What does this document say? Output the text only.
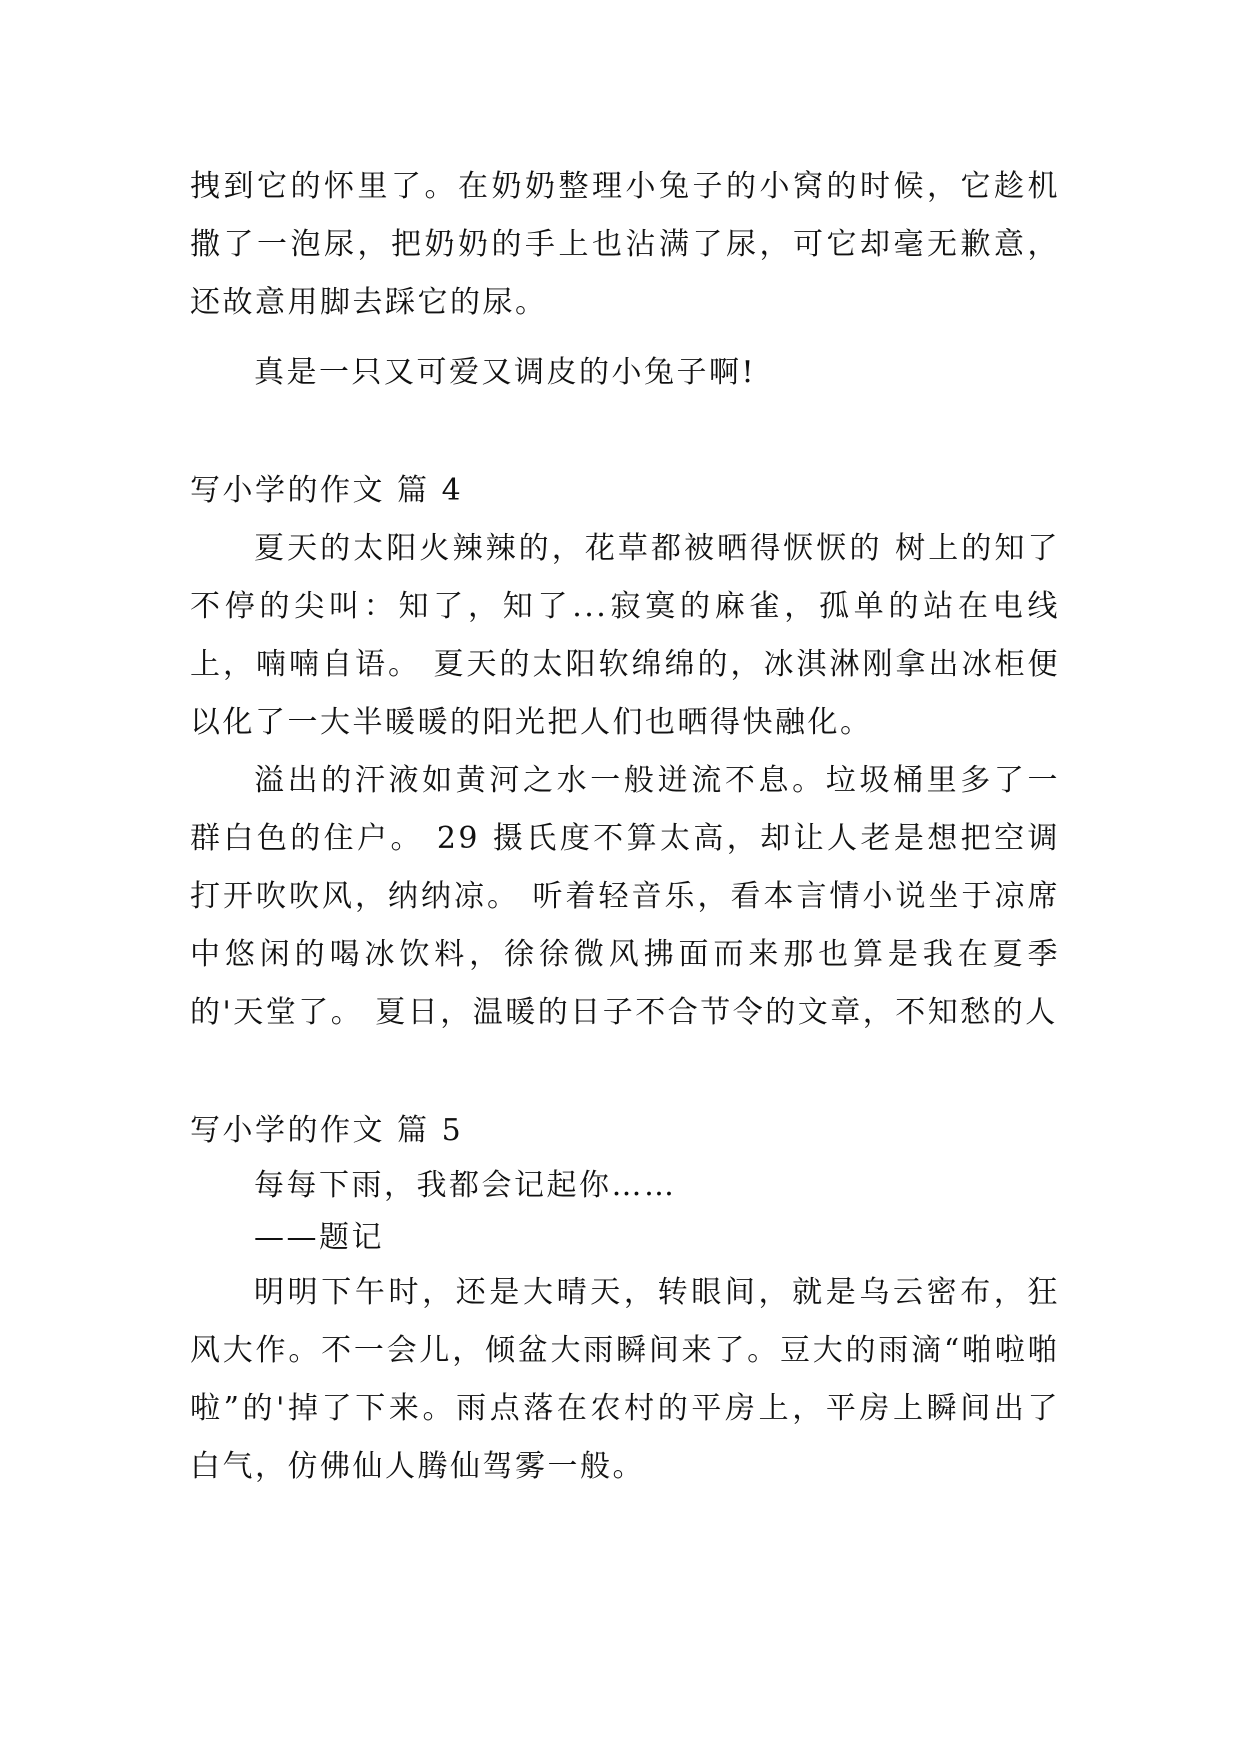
拽到它的怀里了。在奶奶整理小兔子的小窝的时候，它趁机撒了一泡尿，把奶奶的手上也沾满了尿，可它却毫无歉意，还故意用脚去踩它的尿。

真是一只又可爱又调皮的小兔子啊!

写小学的作文 篇 4

夏天的太阳火辣辣的，花草都被晒得恹恹的 树上的知了不停的尖叫：知了，知了...寂寞的麻雀，孤单的站在电线上，喃喃自语。 夏天的太阳软绵绵的，冰淇淋刚拿出冰柜便以化了一大半暖暖的阳光把人们也晒得快融化。

溢出的汗液如黄河之水一般迸流不息。垃圾桶里多了一群白色的住户。 29 摄氏度不算太高，却让人老是想把空调打开吹吹风，纳纳凉。 听着轻音乐，看本言情小说坐于凉席中悠闲的喝冰饮料，徐徐微风拂面而来那也算是我在夏季的'天堂了。 夏日，温暖的日子不合节令的文章，不知愁的人

写小学的作文 篇 5

每每下雨，我都会记起你……

——题记

明明下午时，还是大晴天，转眼间，就是乌云密布，狂风大作。不一会儿，倾盆大雨瞬间来了。豆大的雨滴“啪啦啪啦”的'掉了下来。雨点落在农村的平房上，平房上瞬间出了白气，仿佛仙人腾仙驾雾一般。
